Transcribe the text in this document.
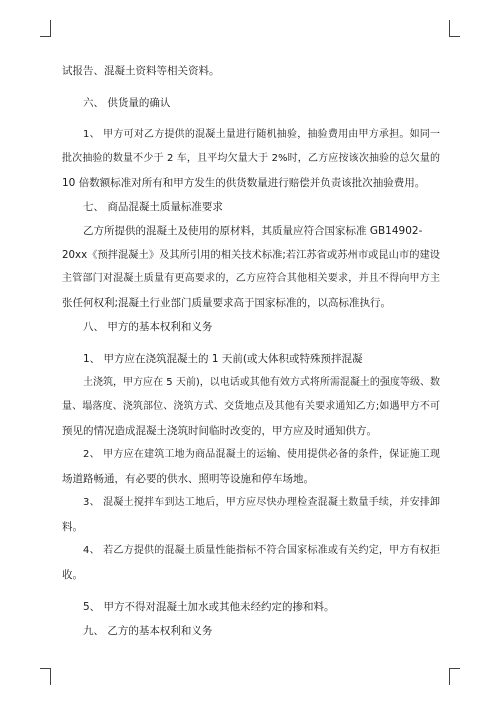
试报告、混凝土资料等相关资料。
六、 供货量的确认
1、 甲方可对乙方提供的混凝土量进行随机抽验，抽验费用由甲方承担。如同一
批次抽验的数量不少于 2 车，且平均欠量大于 2%时，乙方应按该次抽验的总欠量的
10 倍数额标准对所有和甲方发生的供货数量进行赔偿并负责该批次抽验费用。
七、 商品混凝土质量标准要求
乙方所提供的混凝土及使用的原材料，其质量应符合国家标准 GB14902-
20xx《预拌混凝土》及其所引用的相关技术标准;若江苏省或苏州市或昆山市的建设
主管部门对混凝土质量有更高要求的，乙方应符合其他相关要求，并且不得向甲方主
张任何权利;混凝土行业部门质量要求高于国家标准的，以高标准执行。
八、 甲方的基本权利和义务
1、 甲方应在浇筑混凝土的 1 天前(或大体积或特殊预拌混凝
土浇筑，甲方应在 5 天前)，以电话或其他有效方式将所需混凝土的强度等级、数
量、塌落度、浇筑部位、浇筑方式、交货地点及其他有关要求通知乙方;如遇甲方不可
预见的情况造成混凝土浇筑时间临时改变的，甲方应及时通知供方。
2、 甲方应在建筑工地为商品混凝土的运输、使用提供必备的条件，保证施工现
场道路畅通，有必要的供水、照明等设施和停车场地。
3、 混凝土搅拌车到达工地后，甲方应尽快办理检查混凝土数量手续，并安排卸
料。
4、 若乙方提供的混凝土质量性能指标不符合国家标准或有关约定，甲方有权拒
收。
5、 甲方不得对混凝土加水或其他未经约定的掺和料。
九、 乙方的基本权利和义务
